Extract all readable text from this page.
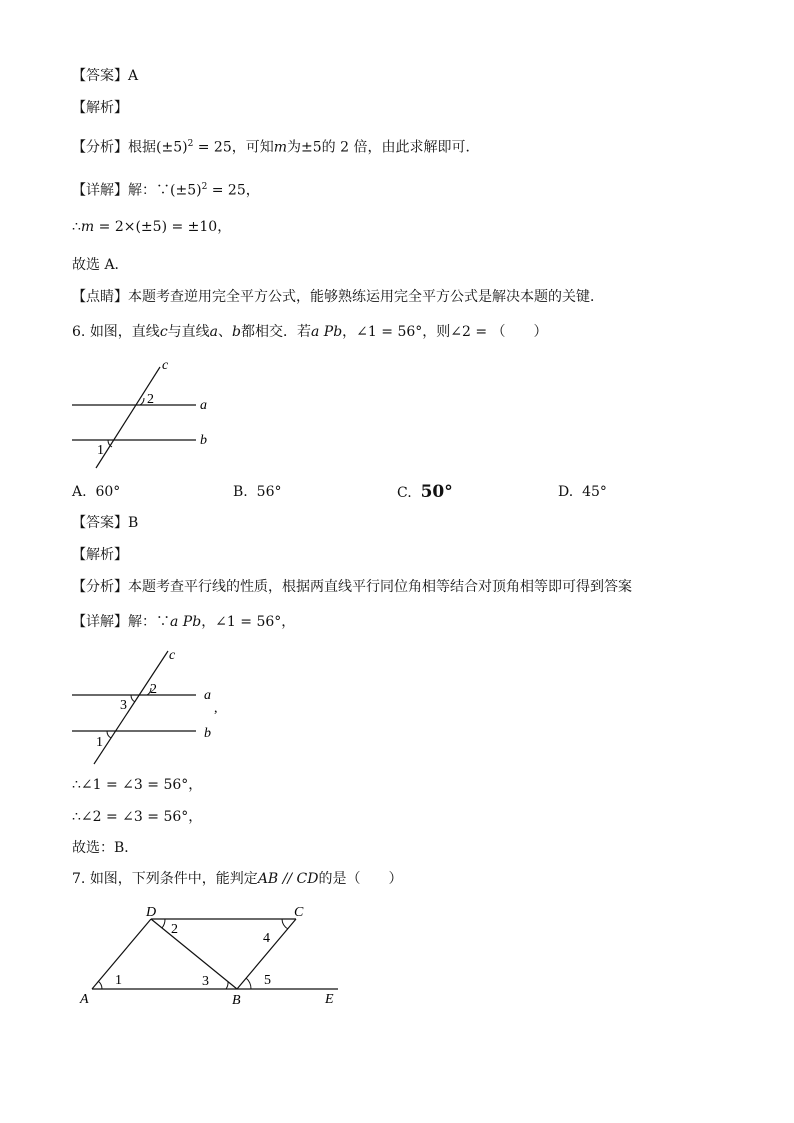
【答案】A
【解析】
【分析】根据$(\pm 5)^2 = 25$，可知m为±5的 2 倍，由此求解即可．
【详解】解：$\because(\pm 5)^2 = 25$，
∴m = 2×(±5) = ±10，
故选 A．
【点睛】本题考查逆用完全平方公式，能够熟练运用完全平方公式是解决本题的关键．
6. 如图，直线c与直线a、b都相交．若a Pb，∠1 = 56°，则∠2 = （　　）
c
a
b
2
1
A. 60°	B. 56°	C. 50°	D. 45°
【答案】B
【解析】
【分析】本题考查平行线的性质，根据两直线平行同位角相等结合对顶角相等即可得到答案
【详解】解：∵a Pb，∠1 = 56°，
c
a
,
b
2
3
1
∴∠1 = ∠3 = 56°，
∴∠2 = ∠3 = 56°，
故选：B．
7. 如图，下列条件中，能判定AB // CD的是（　　）
A	B
C
D
E
1
2
3
4
5
